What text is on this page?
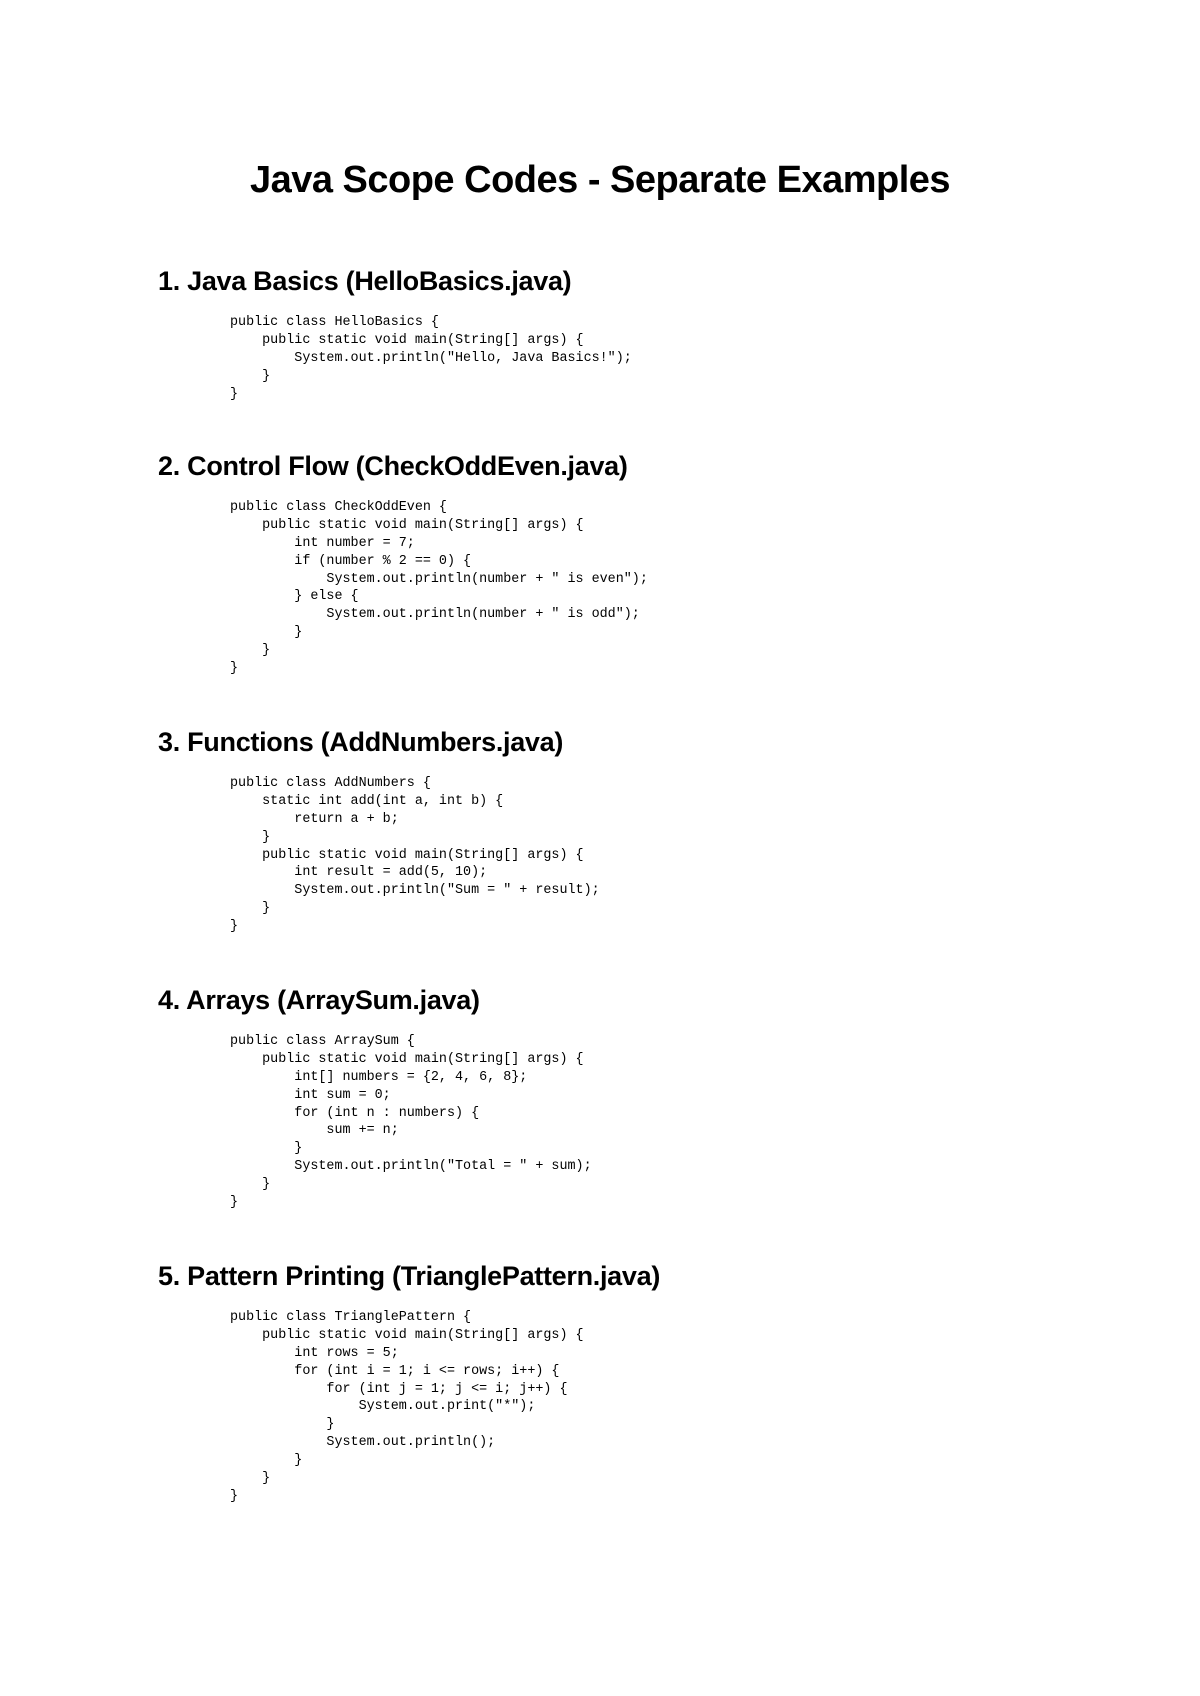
Java Scope Codes - Separate Examples
1. Java Basics (HelloBasics.java)
public class HelloBasics {
public static void main(String[] args) {
System.out.println("Hello, Java Basics!");
}
}
2. Control Flow (CheckOddEven.java)
public class CheckOddEven {
public static void main(String[] args) {
int number = 7;
if (number % 2 == 0) {
System.out.println(number + " is even");
} else {
System.out.println(number + " is odd");
}
}
}
3. Functions (AddNumbers.java)
public class AddNumbers {
static int add(int a, int b) {
return a + b;
}
public static void main(String[] args) {
int result = add(5, 10);
System.out.println("Sum = " + result);
}
}
4. Arrays (ArraySum.java)
public class ArraySum {
public static void main(String[] args) {
int[] numbers = {2, 4, 6, 8};
int sum = 0;
for (int n : numbers) {
sum += n;
}
System.out.println("Total = " + sum);
}
}
5. Pattern Printing (TrianglePattern.java)
public class TrianglePattern {
public static void main(String[] args) {
int rows = 5;
for (int i = 1; i <= rows; i++) {
for (int j = 1; j <= i; j++) {
System.out.print("*");
}
System.out.println();
}
}
}
